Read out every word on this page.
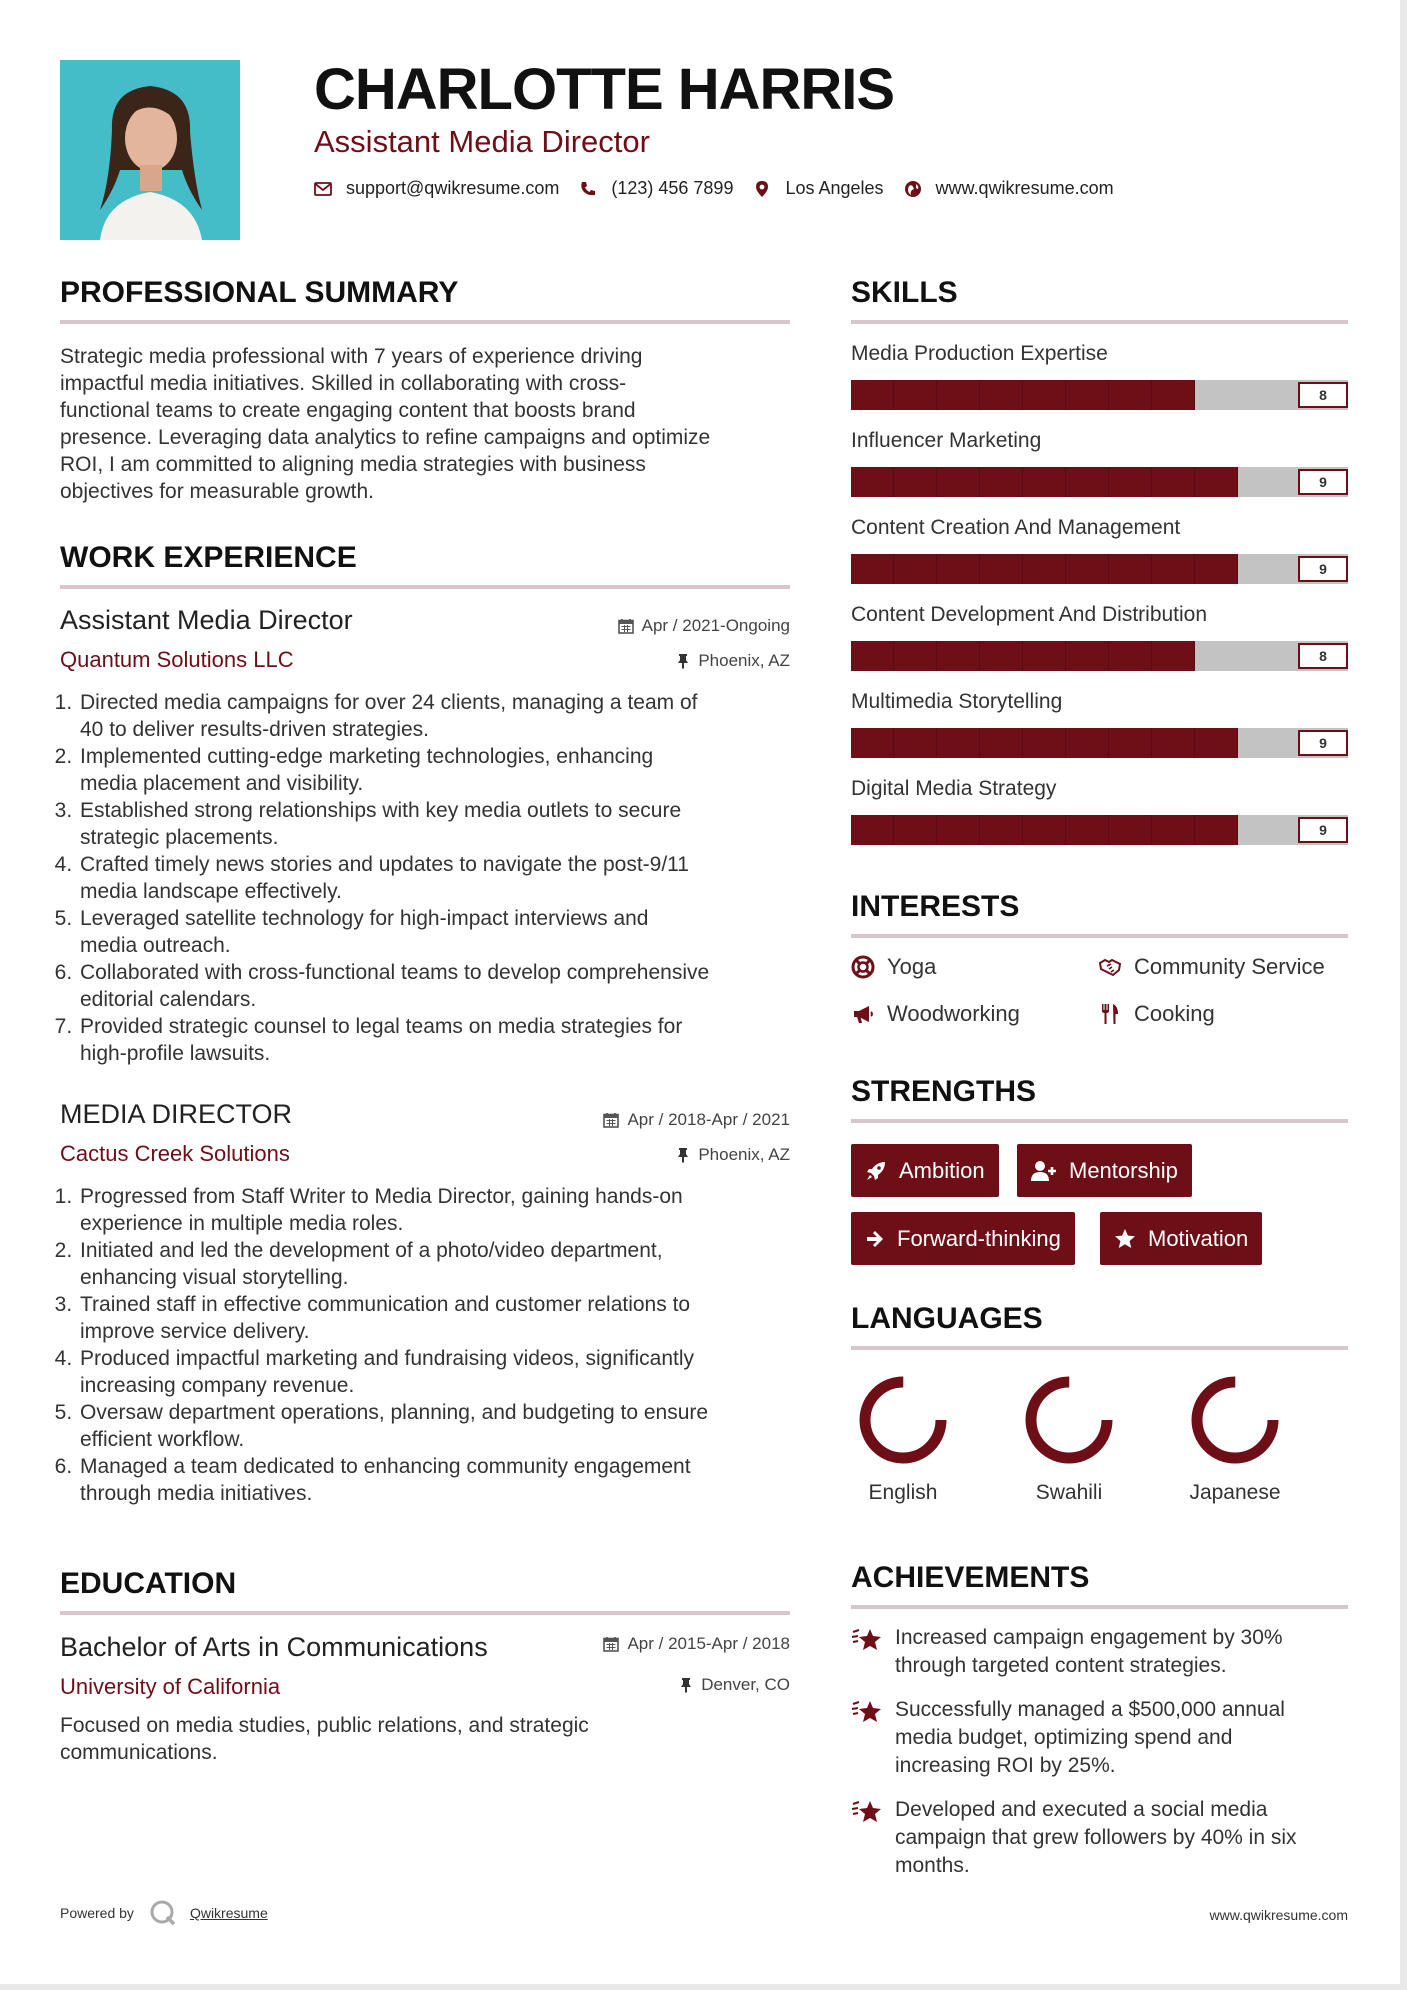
CHARLOTTE HARRIS
Assistant Media Director
support@qwikresume.com	(123) 456 7899	Los Angeles	www.qwikresume.com
PROFESSIONAL SUMMARY
Strategic media professional with 7 years of experience driving
impactful media initiatives. Skilled in collaborating with cross-
functional teams to create engaging content that boosts brand
presence. Leveraging data analytics to refine campaigns and optimize
ROI, I am committed to aligning media strategies with business
objectives for measurable growth.
WORK EXPERIENCE
Assistant Media Director	Apr / 2021-Ongoing
Quantum Solutions LLC	Phoenix, AZ
1. Directed media campaigns for over 24 clients, managing a team of
40 to deliver results-driven strategies.
2. Implemented cutting-edge marketing technologies, enhancing
media placement and visibility.
3. Established strong relationships with key media outlets to secure
strategic placements.
4. Crafted timely news stories and updates to navigate the post-9/11
media landscape effectively.
5. Leveraged satellite technology for high-impact interviews and
media outreach.
6. Collaborated with cross-functional teams to develop comprehensive
editorial calendars.
7. Provided strategic counsel to legal teams on media strategies for
high-profile lawsuits.
MEDIA DIRECTOR	Apr / 2018-Apr / 2021
Cactus Creek Solutions	Phoenix, AZ
1. Progressed from Staff Writer to Media Director, gaining hands-on
experience in multiple media roles.
2. Initiated and led the development of a photo/video department,
enhancing visual storytelling.
3. Trained staff in effective communication and customer relations to
improve service delivery.
4. Produced impactful marketing and fundraising videos, significantly
increasing company revenue.
5. Oversaw department operations, planning, and budgeting to ensure
efficient workflow.
6. Managed a team dedicated to enhancing community engagement
through media initiatives.
EDUCATION
Bachelor of Arts in Communications	Apr / 2015-Apr / 2018
University of California	Denver, CO
Focused on media studies, public relations, and strategic
communications.
SKILLS
Media Production Expertise
8
Influencer Marketing
9
Content Creation And Management
9
Content Development And Distribution
8
Multimedia Storytelling
9
Digital Media Strategy
9
INTERESTS
Yoga	Community Service
Woodworking	Cooking
STRENGTHS
Ambition	Mentorship
Forward-thinking	Motivation
LANGUAGES
English	Swahili	Japanese
ACHIEVEMENTS
Increased campaign engagement by 30%
through targeted content strategies.
Successfully managed a $500,000 annual
media budget, optimizing spend and
increasing ROI by 25%.
Developed and executed a social media
campaign that grew followers by 40% in six
months.
Powered by	Qwikresume	www.qwikresume.com
